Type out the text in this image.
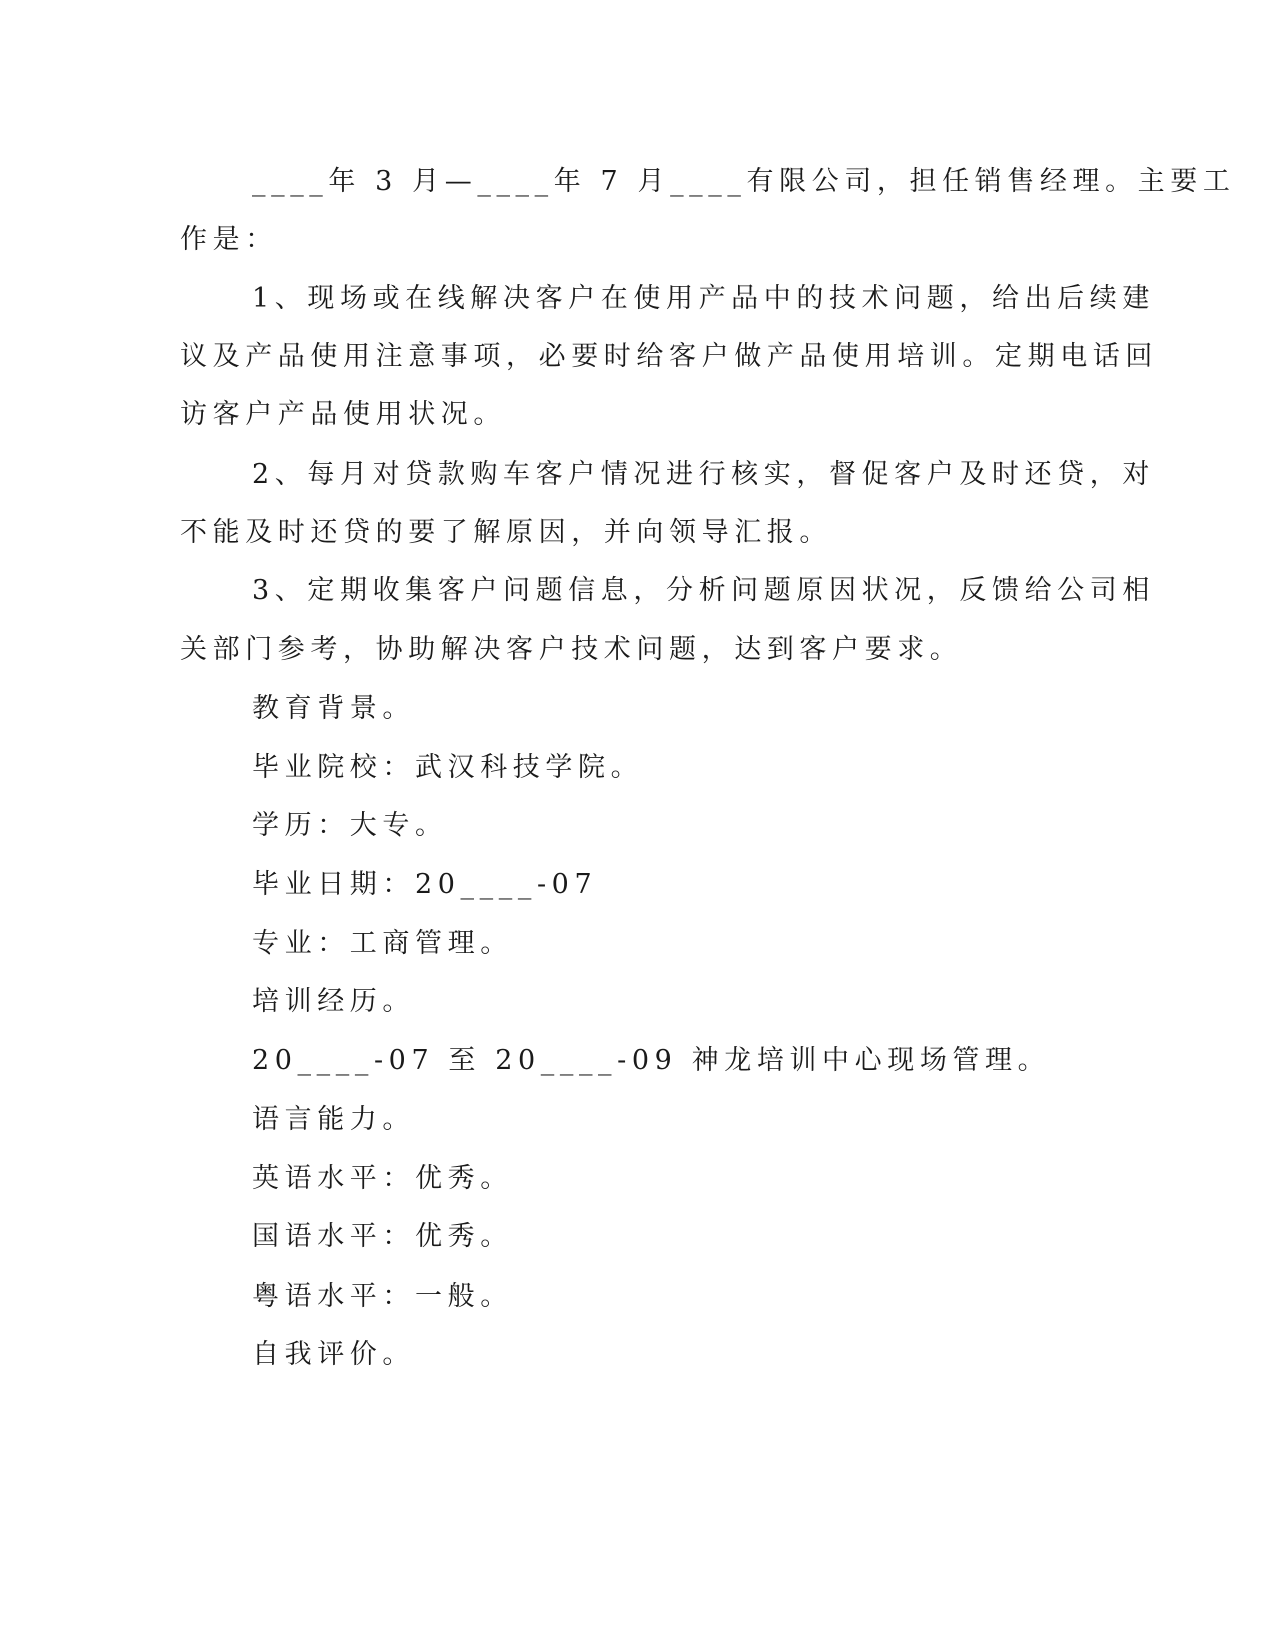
____年 3 月—____年 7 月____有限公司，担任销售经理。主要工
作是：
1、现场或在线解决客户在使用产品中的技术问题，给出后续建
议及产品使用注意事项，必要时给客户做产品使用培训。定期电话回
访客户产品使用状况。
2、每月对贷款购车客户情况进行核实，督促客户及时还贷，对
不能及时还贷的要了解原因，并向领导汇报。
3、定期收集客户问题信息，分析问题原因状况，反馈给公司相
关部门参考，协助解决客户技术问题，达到客户要求。
教育背景。
毕业院校：武汉科技学院。
学历：大专。
毕业日期：20____-07
专业：工商管理。
培训经历。
20____-07 至 20____-09 神龙培训中心现场管理。
语言能力。
英语水平：优秀。
国语水平：优秀。
粤语水平：一般。
自我评价。
